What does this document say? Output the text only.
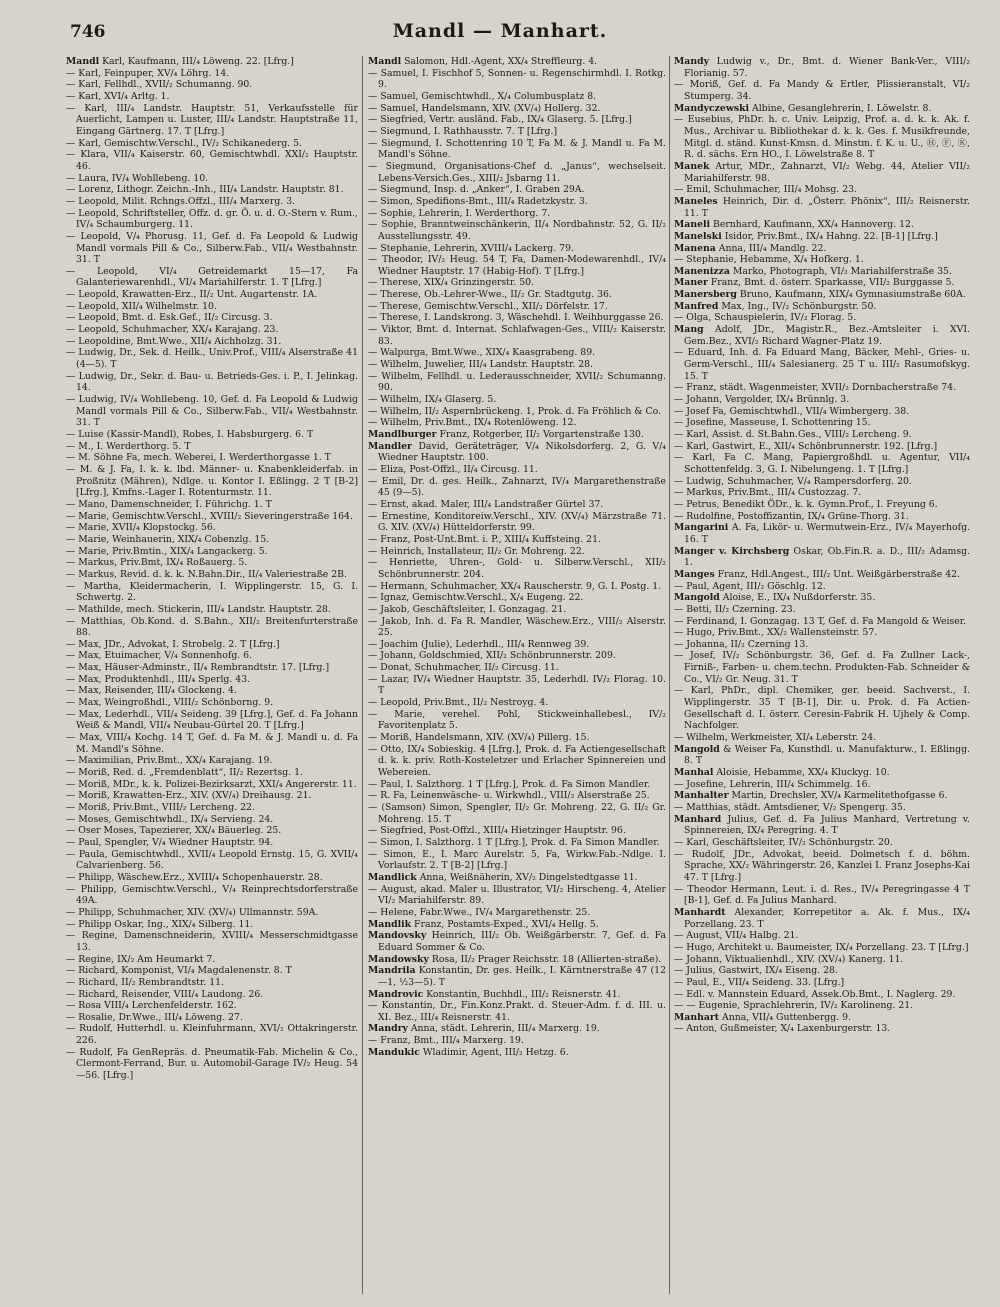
746	Mandl — Manhart.

Mandl Karl, Kaufmann, III/₄ Löweng. 22. [Lfrg.]

— Karl, Feinpuper, XV/₄ Löhrg. 14.

— Karl, Fellhdl., XVII/₂ Schumanng. 90.

— Karl, XVI/₄ Arltg. 1.

— Karl, III/₄ Landstr. Hauptstr. 51, Verkaufsstelle für Auerlicht, Lampen u. Luster, III/₄ Landstr. Hauptstraße 11, Eingang Gärtnerg. 17. T [Lfrg.]

— Karl, Gemischtw.Verschl., IV/₂ Schikanederg. 5.

— Klara, VII/₄ Kaiserstr. 60, Gemischtwhdl. XXI/₂ Hauptstr. 46.

— Laura, IV/₄ Wohllebeng. 10.

— Lorenz, Lithogr. Zeichn.-Inh., III/₄ Landstr. Hauptstr. 81.

— Leopold, Milit. Rchngs.Offzl., III/₄ Marxerg. 3.

— Leopold, Schriftsteller, Offz. d. gr. Ö. u. d. O.-Stern v. Rum., IV/₄ Schaumburgerg. 11.

— Leopold, V/₄ Phorusg. 11, Gef. d. Fa Leopold & Ludwig Mandl vormals Pill & Co., Silberw.Fab., VII/₄ Westbahnstr. 31. T

— Leopold, VI/₄ Getreidemarkt 15—17, Fa Galanteriewarenhdl., VI/₄ Mariahilferstr. 1. T [Lfrg.]

— Leopold, Krawatten-Erz., II/₂ Unt. Augartenstr. 1A.

— Leopold, XII/₄ Wilhelmstr. 10.

— Leopold, Bmt. d. Esk.Gef., II/₂ Circusg. 3.

— Leopold, Schuhmacher, XX/₄ Karajang. 23.

— Leopoldine, Bmt.Wwe., XII/₄ Aichholzg. 31.

— Ludwig, Dr., Sek. d. Heilk., Univ.Prof., VIII/₄ Alserstraße 41 (4—5). T

— Ludwig, Dr., Sekr. d. Bau- u. Betrieds-Ges. i. P., I. Jelinkag. 14.

— Ludwig, IV/₄ Wohllebeng. 10, Gef. d. Fa Leopold & Ludwig Mandl vormals Pill & Co., Silberw.Fab., VII/₄ Westbahnstr. 31. T

— Luise (Kassir-Mandl), Robes, I. Habsburgerg. 6. T

— M., I. Werderthorg. 5. T

— M. Söhne Fa, mech. Weberei, I. Werderthorgasse 1. T

— M. & J. Fa, I. k. k. lbd. Männer- u. Knabenkleiderfab. in Proßnitz (Mähren), Ndlge. u. Kontor I. Eßlingg. 2 T [B-2] [Lfrg.], Kmfns.-Lager I. Rotenturmstr. 11.

— Mano, Damenschneider, I. Führichg. 1. T

— Marie, Gemischtw.Verschl., XVIII/₂ Sieveringerstraße 164.

— Marie, XVII/₄ Klopstockg. 56.

— Marie, Weinhauerin, XIX/₄ Cobenzlg. 15.

— Marie, Priv.Bmtin., XIX/₄ Langackerg. 5.

— Markus, Priv.Bmt, IX/₄ Roßauerg. 5.

— Markus, Revid. d. k. k. N.Bahn.Dir., II/₄ Valeriestraße 2B.

— Martha, Kleidermacherin, I. Wipplingerstr. 15, G. I. Schwertg. 2.

— Mathilde, mech. Stickerin, III/₄ Landstr. Hauptstr. 28.

— Matthias, Ob.Kond. d. S.Bahn., XII/₂ Breitenfurterstraße 88.

— Max, JDr., Advokat, I. Strobelg. 2. T [Lfrg.]

— Max, Etuimacher, V/₄ Sonnenhofg. 6.

— Max, Häuser-Adminstr., II/₄ Rembrandtstr. 17. [Lfrg.]

— Max, Produktenhdl., III/₄ Sperlg. 43.

— Max, Reisender, III/₄ Glockeng. 4.

— Max, Weingroßhdl., VIII/₂ Schönborng. 9.

— Max, Lederhdl., VII/₄ Seideng. 39 [Lfrg.], Gef. d. Fa Johann Weiß & Mandl, VII/₄ Neubau-Gürtel 20. T [Lfrg.]

— Max, VIII/₄ Kochg. 14 T, Gef. d. Fa M. & J. Mandl u. d. Fa M. Mandl's Söhne.

— Maximilian, Priv.Bmt., XX/₄ Karajang. 19.

— Moriß, Red. d. „Fremdenblatt“, II/₂ Rezertsg. 1.

— Moriß, MDr., k. k. Polizei-Bezirksarzt, XXI/₄ Angererstr. 11.

— Moriß, Krawatten-Erz., XIV. (XV/₄) Dreihausg. 21.

— Moriß, Priv.Bmt., VIII/₂ Lercheng. 22.

— Moses, Gemischtwhdl., IX/₄ Servieng. 24.

— Oser Moses, Tapezierer, XX/₄ Bäuerleg. 25.

— Paul, Spengler, V/₄ Wiedner Hauptstr. 94.

— Paula, Gemischtwhdl., XVII/₄ Leopold Ernstg. 15, G. XVII/₄ Calvarienberg. 56.

— Philipp, Wäschew.Erz., XVIII/₄ Schopenhauerstr. 28.

— Philipp, Gemischtw.Verschl., V/₄ Reinprechtsdorferstraße 49A.

— Philipp, Schuhmacher, XIV. (XV/₄) Ullmannstr. 59A.

— Philipp Oskar, Ing., XIX/₄ Silberg. 11.

— Regine, Damenschneiderin, XVIII/₄ Messerschmidtgasse 13.

— Regine, IX/₂ Am Heumarkt 7.

— Richard, Komponist, VI/₄ Magdalenenstr. 8. T

— Richard, II/₂ Rembrandtstr. 11.

— Richard, Reisender, VIII/₄ Laudong. 26.

— Rosa VIII/₄ Lerchenfelderstr. 162.

— Rosalie, Dr.Wwe., III/₄ Löweng. 27.

— Rudolf, Hutterhdl. u. Kleinfuhrmann, XVI/₂ Ottakringerstr. 226.

— Rudolf, Fa GenRepräs. d. Pneumatik-Fab. Michelin & Co., Clermont-Ferrand, Bur. u. Automobil-Garage IV/₂ Heug. 54—56. [Lfrg.]

Mandl Salomon, Hdl.-Agent, XX/₄ Streffleurg. 4.

— Samuel, I. Fischhof 5, Sonnen- u. Regenschirmhdl. I. Rotkg. 9.

— Samuel, Gemischtwhdl., X/₄ Columbusplatz 8.

— Samuel, Handelsmann, XIV. (XV/₄) Hollerg. 32.

— Siegfried, Vertr. ausländ. Fab., IX/₄ Glaserg. 5. [Lfrg.]

— Siegmund, I. Rathhausstr. 7. T [Lfrg.]

— Siegmund, I. Schottenring 10 T, Fa M. & J. Mandl u. Fa M. Mandl's Söhne.

— Siegmund, Organisations-Chef d. „Janus“, wechselseit. Lebens-Versich.Ges., XIII/₂ Jsbarng 11.

— Siegmund, Insp. d. „Anker“, I. Graben 29A.

— Simon, Spedifions-Bmt., III/₄ Radetzkystr. 3.

— Sophie, Lehrerin, I. Werderthorg. 7.

— Sophie, Branntweinschänkerin, II/₄ Nordbahnstr. 52, G. II/₂ Ausstellungsstr. 49.

— Stephanie, Lehrerin, XVIII/₄ Lackerg. 79.

— Theodor, IV/₂ Heug. 54 T, Fa, Damen-Modewarenhdl., IV/₄ Wiedner Hauptstr. 17 (Habig-Hof). T [Lfrg.]

— Therese, XIX/₄ Grinzingerstr. 50.

— Therese, Ob.-Lehrer-Wwe., II/₂ Gr. Stadtgutg. 36.

— Therese, Gemischtw.Verschl., XII/₂ Dörfelstr. 17.

— Therese, I. Landskrong. 3, Wäschehdl. I. Weihburggasse 26.

— Viktor, Bmt. d. Internat. Schlafwagen-Ges., VIII/₂ Kaiserstr. 83.

— Walpurga, Bmt.Wwe., XIX/₄ Kaasgrabeng. 89.

— Wilhelm, Juwelier, III/₄ Landstr. Hauptstr. 28.

— Wilhelm, Fellhdl. u. Lederausschneider, XVII/₂ Schumanng. 90.

— Wilhelm, IX/₄ Glaserg. 5.

— Wilhelm, II/₂ Aspernbrückeng. 1, Prok. d. Fa Fröhlich & Co.

— Wilhelm, Priv.Bmt., IX/₄ Rotenlöweng. 12.

Mandlburger Franz, Rotgerber, II/₂ Vorgartenstraße 130.

Mandler David, Geräteträger, V/₄ Nikolsdorferg. 2, G. V/₄ Wiedner Hauptstr. 100.

— Eliza, Post-Offzl., II/₄ Circusg. 11.

— Emil, Dr. d. ges. Heilk., Zahnarzt, IV/₄ Margarethenstraße 45 (9—5).

— Ernst, akad. Maler, III/₄ Landstraßer Gürtel 37.

— Ernestine, Konditoreiw.Verschl., XIV. (XV/₄) Märzstraße 71. G. XIV. (XV/₄) Hütteldorferstr. 99.

— Franz, Post-Unt.Bmt. i. P., XIII/₄ Kuffsteing. 21.

— Heinrich, Installateur, II/₂ Gr. Mohreng. 22.

— Henriette, Uhren-, Gold- u. Silberw.Verschl., XII/₂ Schönbrunnerstr. 204.

— Hermann, Schuhmacher, XX/₄ Rauscherstr. 9, G. I. Postg. 1.

— Ignaz, Gemischtw.Verschl., X/₄ Eugeng. 22.

— Jakob, Geschäftsleiter, I. Gonzagag. 21.

— Jakob, Inh. d. Fa R. Mandler, Wäschew.Erz., VIII/₂ Alserstr. 25.

— Joachim (Julie), Lederhdl., III/₄ Rennweg 39.

— Johann, Goldschmied, XII/₂ Schönbrunnerstr. 209.

— Donat, Schuhmacher, II/₂ Circusg. 11.

— Lazar, IV/₄ Wiedner Hauptstr. 35, Lederhdl. IV/₂ Florag. 10. T

— Leopold, Priv.Bmt., II/₂ Nestroyg. 4.

— Marie, verehel. Pohl, Stickweinhallebesl., IV/₂ Favoritenplatz 5.

— Moriß, Handelsmann, XIV. (XV/₄) Pillerg. 15.

— Otto, IX/₄ Sobieskig. 4 [Lfrg.], Prok. d. Fa Actiengesellschaft d. k. k. priv. Roth-Kosteletzer und Erlacher Spinnereien und Webereien.

— Paul, I. Salzthorg. 1 T [Lfrg.], Prok. d. Fa Simon Mandler.

— R. Fa, Leinenwäsche- u. Wirkwhdl., VIII/₂ Alserstraße 25.

— (Samson) Simon, Spengler, II/₂ Gr. Mohreng. 22, G. II/₂ Gr. Mohreng. 15. T

— Siegfried, Post-Offzl., XIII/₄ Hietzinger Hauptstr. 96.

— Simon, I. Salzthorg. 1 T [Lfrg.], Prok. d. Fa Simon Mandler.

— Simon, E., I. Marc Aurelstr. 5, Fa, Wirkw.Fab.-Ndlge. I. Vorlaufstr. 2. T [B-2] [Lfrg.]

Mandlick Anna, Weißnäherin, XV/₂ Dingelstedtgasse 11.

— August, akad. Maler u. Illustrator, VI/₂ Hirscheng. 4, Atelier VI/₂ Mariahilferstr. 89.

— Helene, Fabr.Wwe., IV/₄ Margarethenstr. 25.

Mandlik Franz, Postamts-Exped., XVI/₄ Hellg. 5.

Mandovsky Heinrich, III/₂ Ob. Weißgärberstr. 7, Gef. d. Fa Eduard Sommer & Co.

Mandowsky Rosa, II/₂ Prager Reichsstr. 18 (Allierten-straße).

Mandrila Konstantin, Dr. ges. Heilk., I. Kärntnerstraße 47 (12—1, ½3—5). T

Mandrovic Konstantin, Buchhdl., III/₂ Reisnerstr. 41.

— Konstantin, Dr., Fin.Konz.Prakt. d. Steuer-Adm. f. d. III. u. XI. Bez., III/₄ Reisnerstr. 41.

Mandry Anna, städt. Lehrerin, III/₄ Marxerg. 19.

— Franz, Bmt., III/₄ Marxerg. 19.

Mandukic Wladimir, Agent, III/₂ Hetzg. 6.

Mandy Ludwig v., Dr., Bmt. d. Wiener Bank-Ver., VIII/₂ Florianig. 57.

— Moriß, Gef. d. Fa Mandy & Ertler, Plissieranstalt, VI/₂ Stumperg. 34.

Mandyczewski Albine, Gesanglehrerin, I. Löwelstr. 8.

— Eusebius, PhDr. h. c. Univ. Leipzig, Prof. a. d. k. k. Ak. f. Mus., Archivar u. Bibliothekar d. k. k. Ges. f. Musikfreunde, Mitgl. d. ständ. Kunst-Kmsn. d. Minstm. f. K. u. U., Ⓗ, Ⓕ, Ⓚ, R. d. sächs. Ern HO., I. Löwelstraße 8. T

Manek Artur, MDr., Zahnarzt, VI/₂ Webg. 44, Atelier VII/₂ Mariahilferstr. 98.

— Emil, Schuhmacher, III/₄ Mohsg. 23.

Maneles Heinrich, Dir. d. „Österr. Phönix“, III/₂ Reisnerstr. 11. T

Maneli Bernhard, Kaufmann, XX/₄ Hannoverg. 12.

Manelski Isidor, Priv.Bmt., IX/₄ Hahng. 22. [B-1] [Lfrg.]

Manena Anna, III/₄ Mandlg. 22.

— Stephanie, Hebamme, X/₄ Hofkerg. 1.

Manenizza Marko, Photograph, VI/₂ Mariahilferstraße 35.

Maner Franz, Bmt. d. österr. Sparkasse, VII/₂ Burggasse 5.

Manersberg Bruno, Kaufmann, XIX/₄ Gymnasiumstraße 60A.

Manfred Max, Ing., IV/₂ Schönburgstr. 50.

— Olga, Schauspielerin, IV/₂ Florag. 5.

Mang Adolf, JDr., Magistr.R., Bez.-Amtsleiter i. XVI. Gem.Bez., XVI/₂ Richard Wagner-Platz 19.

— Eduard, Inh. d. Fa Eduard Mang, Bäcker, Mehl-, Gries- u. Germ-Verschl., III/₄ Salesianerg. 25 T u. III/₂ Rasumofskyg. 15. T

— Franz, städt. Wagenmeister, XVII/₂ Dornbacherstraße 74.

— Johann, Vergolder, IX/₄ Brünnlg. 3.

— Josef Fa, Gemischtwhdl., VII/₄ Wimbergerg. 38.

— Josefine, Masseuse, I. Schottenring 15.

— Karl, Assist. d. St.Bahn.Ges., VIII/₂ Lercheng. 9.

— Karl, Gastwirt, E., XII/₄ Schönbrunnerstr. 192. [Lfrg.]

— Karl, Fa C. Mang, Papiergroßhdl. u. Agentur, VII/₄ Schottenfeldg. 3, G. I. Nibelungeng. 1. T [Lfrg.]

— Ludwig, Schuhmacher, V/₄ Rampersdorferg. 20.

— Markus, Priv.Bmt., III/₄ Custozzag. 7.

— Petrus, Benedikt ÖDr., k. k. Gymn.Prof., I. Freyung 6.

— Rudolfine, Postoffizantin, IX/₄ Grüne-Thorg. 31.

Mangarini A. Fa, Likör- u. Wermutwein-Erz., IV/₄ Mayerhofg. 16. T

Manger v. Kirchsberg Oskar, Ob.Fin.R. a. D., III/₂ Adamsg. 1.

Manges Franz, Hdl.Angest., III/₂ Unt. Weißgärberstraße 42.

— Paul, Agent, III/₂ Göschlg. 12.

Mangold Aloise, E., IX/₄ Nußdorferstr. 35.

— Betti, II/₂ Czerning. 23.

— Ferdinand, I. Gonzagag. 13 T, Gef. d. Fa Mangold & Weiser.

— Hugo, Priv.Bmt., XX/₂ Wallensteinstr. 57.

— Johanna, II/₂ Czerning 13.

— Josef, IV/₂ Schönburgstr. 36, Gef. d. Fa Zullner Lack-, Firniß-, Farben- u. chem.techn. Produkten-Fab. Schneider & Co., VI/₂ Gr. Neug. 31. T

— Karl, PhDr., dipl. Chemiker, ger. beeid. Sachverst., I. Wipplingerstr. 35 T [B-1], Dir. u. Prok. d. Fa Actien-Gesellschaft d. I. österr. Ceresin-Fabrik H. Ujhely & Comp. Nachfolger.

— Wilhelm, Werkmeister, XI/₄ Leberstr. 24.

Mangold & Weiser Fa, Kunsthdl. u. Manufakturw., I. Eßlingg. 8. T

Manhal Aloisie, Hebamme, XX/₄ Kluckyg. 10.

— Josefine, Lehrerin, III/₄ Schimmelg. 16.

Manhalter Martin, Drechsler, XV/₄ Karmelitethofgasse 6.

— Matthias, städt. Amtsdiener, V/₂ Spengerg. 35.

Manhard Julius, Gef. d. Fa Julius Manhard, Vertretung v. Spinnereien, IX/₄ Peregring. 4. T

— Karl, Geschäftsleiter, IV/₂ Schönburgstr. 20.

— Rudolf, JDr., Advokat, beeid. Dolmetsch f. d. böhm. Sprache, XX/₂ Währingerstr. 26, Kanzlei I. Franz Josephs-Kai 47. T [Lfrg.]

— Theodor Hermann, Leut. i. d. Res., IV/₄ Peregringasse 4 T [B-1], Gef. d. Fa Julius Manhard.

Manhardt Alexander, Korrepetitor a. Ak. f. Mus., IX/₄ Porzellang. 23. T

— August, VII/₄ Halbg. 21.

— Hugo, Architekt u. Baumeister, IX/₄ Porzellang. 23. T [Lfrg.]

— Johann, Viktualienhdl., XIV. (XV/₄) Kanerg. 11.

— Julius, Gastwirt, IX/₄ Eiseng. 28.

— Paul, E., VII/₄ Seideng. 33. [Lfrg.]

— Edl. v. Mannstein Eduard, Assek.Ob.Bmt., I. Naglerg. 29.

— — Eugenie, Sprachlehrerin, IV/₂ Karolineng. 21.

Manhart Anna, VII/₄ Guttenbergg. 9.

— Anton, Gußmeister, X/₄ Laxenburgerstr. 13.
